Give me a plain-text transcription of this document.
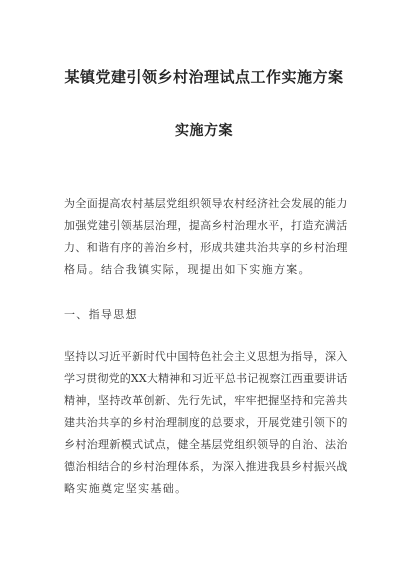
某镇党建引领乡村治理试点工作实施方案
实施方案
为全面提高农村基层党组织领导农村经济社会发展的能力
加强党建引领基层治理，提高乡村治理水平，打造充满活
力、和谐有序的善治乡村，形成共建共治共享的乡村治理
格局。结合我镇实际，现提出如下实施方案。
一、指导思想
坚持以习近平新时代中国特色社会主义思想为指导，深入
学习贯彻党的XX大精神和习近平总书记视察江西重要讲话
精神，坚持改革创新、先行先试，牢牢把握坚持和完善共
建共治共享的乡村治理制度的总要求，开展党建引领下的
乡村治理新模式试点，健全基层党组织领导的自治、法治
德治相结合的乡村治理体系，为深入推进我县乡村振兴战
略实施奠定坚实基础。
